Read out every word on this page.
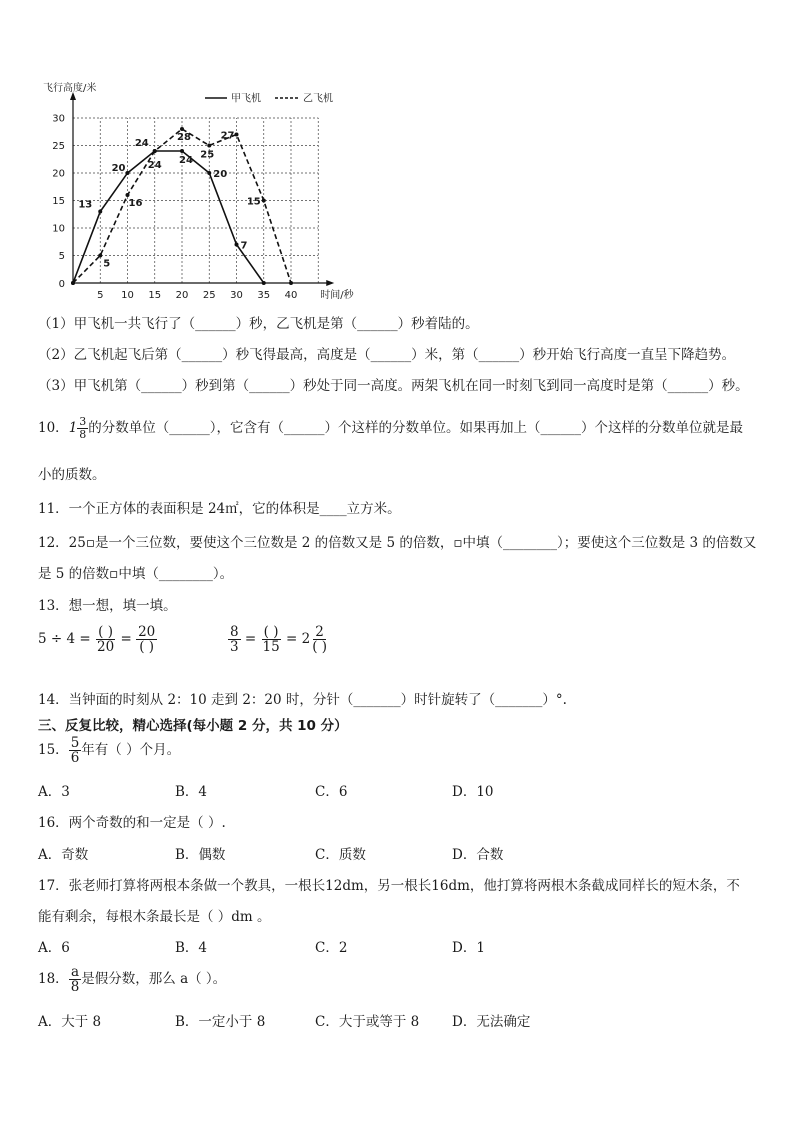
飞行高度/米
5 10 15 20 25 30 35 40
5
10
15
20
25
30
0
时间/秒
甲飞机	乙飞机
13
20
24
24
20
7
5
16
24
28
25
27
15
（1）甲飞机一共飞行了（______）秒，乙飞机是第（______）秒着陆的。
（2）乙飞机起飞后第（______）秒飞得最高，高度是（______）米，第（______）秒开始飞行高度一直呈下降趋势。
（3）甲飞机第（______）秒到第（______）秒处于同一高度。两架飞机在同一时刻飞到同一高度时是第（______）秒。
10．$1 \frac{3}{8}$ 的分数单位（______），它含有（______）个这样的分数单位。如果再加上（______）个这样的分数单位就是最
小的质数。
11．一个正方体的表面积是 24㎡，它的体积是____立方米。
12．25▫是一个三位数，要使这个三位数是 2 的倍数又是 5 的倍数，▫中填（________）；要使这个三位数是 3 的倍数又
是 5 的倍数▫中填（________）。
13．想一想，填一填。
$5 \div 4 = \frac{( )}{20} = \frac{20}{( )}$	$\frac{8}{3} = \frac{( )}{15} = 2 \frac{2}{( )}$
14．当钟面的时刻从 2：10 走到 2：20 时，分针（_______）时针旋转了（_______）°.
三、反复比较，精心选择(每小题 2 分，共 10 分）
15． $\frac{5}{6}$ 年有（ ）个月。
A．3	B．4	C．6	D．10
16．两个奇数的和一定是（ ）.
A．奇数	B．偶数	C．质数	D．合数
17．张老师打算将两根本条做一个教具，一根长12dm，另一根长16dm，他打算将两根木条截成同样长的短木条，不
能有剩余，每根木条最长是（ ）dm 。
A．6	B．4	C．2	D．1
18． $\frac{a}{8}$ 是假分数，那么 a（ ）。
A．大于 8	B．一定小于 8	C．大于或等于 8 D．无法确定
